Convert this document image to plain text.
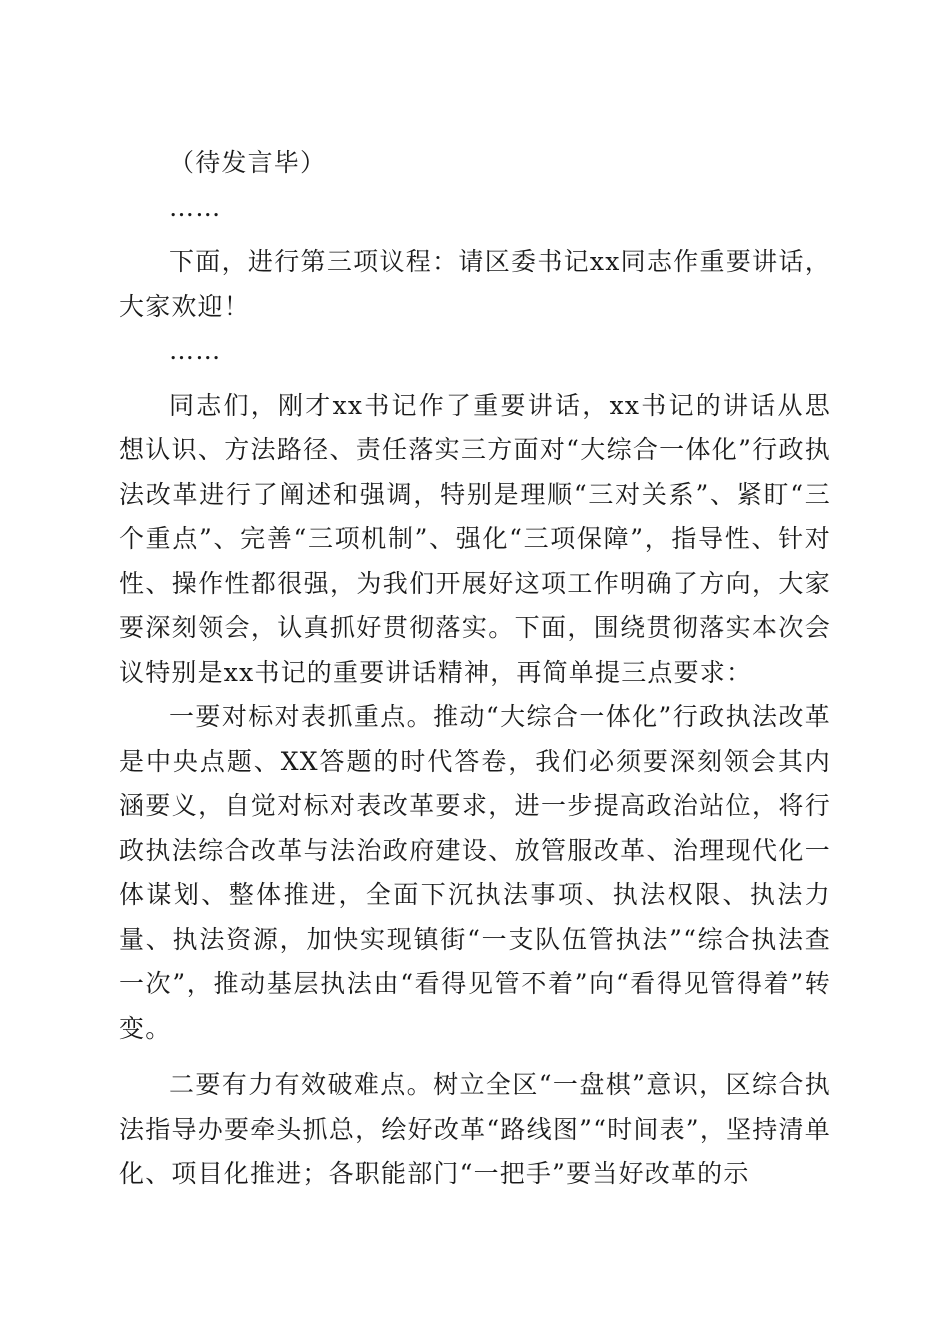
（待发言毕）

……

下面，进行第三项议程：请区委书记xx同志作重要讲话，大家欢迎！

……

同志们，刚才xx书记作了重要讲话，xx书记的讲话从思想认识、方法路径、责任落实三方面对“大综合一体化”行政执法改革进行了阐述和强调，特别是理顺“三对关系”、紧盯“三个重点”、完善“三项机制”、强化“三项保障”，指导性、针对性、操作性都很强，为我们开展好这项工作明确了方向，大家要深刻领会，认真抓好贯彻落实。下面，围绕贯彻落实本次会议特别是xx书记的重要讲话精神，再简单提三点要求：

一要对标对表抓重点。推动“大综合一体化”行政执法改革是中央点题、XX答题的时代答卷，我们必须要深刻领会其内涵要义，自觉对标对表改革要求，进一步提高政治站位，将行政执法综合改革与法治政府建设、放管服改革、治理现代化一体谋划、整体推进，全面下沉执法事项、执法权限、执法力量、执法资源，加快实现镇街“一支队伍管执法”“综合执法查一次”，推动基层执法由“看得见管不着”向“看得见管得着”转变。

二要有力有效破难点。树立全区“一盘棋”意识，区综合执法指导办要牵头抓总，绘好改革“路线图”“时间表”，坚持清单化、项目化推进；各职能部门“一把手”要当好改革的示
